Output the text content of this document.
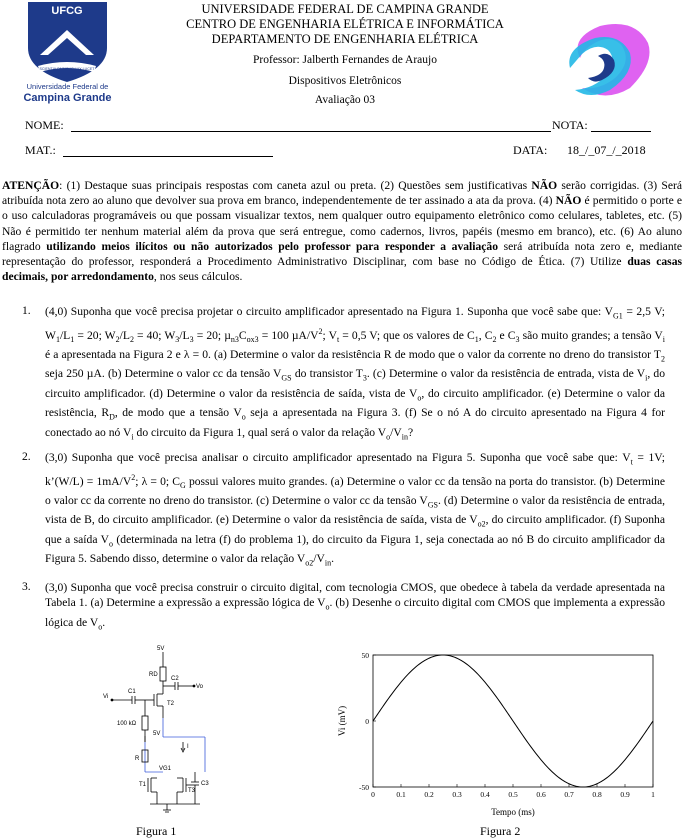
UFCG
SCIENTIA OMNIBUS LUX LUCET
Universidade Federal de
Campina Grande
UNIVERSIDADE FEDERAL DE CAMPINA GRANDE
CENTRO DE ENGENHARIA ELÉTRICA E INFORMÁTICA
DEPARTAMENTO DE ENGENHARIA ELÉTRICA
Professor: Jalberth Fernandes de Araujo
Dispositivos Eletrônicos
Avaliação 03
NOME:	NOTA:
MAT.:	DATA: 18_/_07_/_2018
ATENÇÃO: (1) Destaque suas principais respostas com caneta azul ou preta. (2) Questões sem justificativas NÃO serão corrigidas. (3) Será atribuída nota zero ao aluno que devolver sua prova em branco, independentemente de ter assinado a ata da prova. (4) NÃO é permitido o porte e o uso calculadoras programáveis ou que possam visualizar textos, nem qualquer outro equipamento eletrônico como celulares, tabletes, etc. (5) Não é permitido ter nenhum material além da prova que será entregue, como cadernos, livros, papéis (mesmo em branco), etc. (6) Ao aluno flagrado utilizando meios ilícitos ou não autorizados pelo professor para responder a avaliação será atribuída nota zero e, mediante representação do professor, responderá a Procedimento Administrativo Disciplinar, com base no Código de Ética. (7) Utilize duas casas decimais, por arredondamento, nos seus cálculos.
1. (4,0) Suponha que você precisa projetar o circuito amplificador apresentado na Figura 1. Suponha que você sabe que: $V_{G1} = 2,5$ V; $W_1/L_1 = 20$; $W_2/L_2 = 40$; $W_3/L_3 = 20$; $\mu_{n3}C_{ox3} = 100$ $\mu A/V^2$; $V_t = 0,5$ V; que os valores de $C_1$, $C_2$ e $C_3$ são muito grandes; a tensão $V_i$ é a apresentada na Figura 2 e λ = 0. (a) Determine o valor da resistência R de modo que o valor da corrente no dreno do transistor $T_2$ seja 250 µA. (b) Determine o valor cc da tensão $V_{GS}$ do transistor $T_3$. (c) Determine o valor da resistência de entrada, vista de $V_i$, do circuito amplificador. (d) Determine o valor da resistência de saída, vista de $V_o$, do circuito amplificador. (e) Determine o valor da resistência, $R_D$, de modo que a tensão $V_o$ seja a apresentada na Figura 3. (f) Se o nó A do circuito apresentado na Figura 4 for conectado ao nó $V_i$ do circuito da Figura 1, qual será o valor da relação $V_o/V_{in}$?
2. (3,0) Suponha que você precisa analisar o circuito amplificador apresentado na Figura 5. Suponha que você sabe que: $V_t = 1V$; k’(W/L) = $1mA/V^2$; λ = 0; $C_G$ possui valores muito grandes. (a) Determine o valor cc da tensão na porta do transistor. (b) Determine o valor cc da corrente no dreno do transistor. (c) Determine o valor cc da tensão $V_{GS}$. (d) Determine o valor da resistência de entrada, vista de B, do circuito amplificador. (e) Determine o valor da resistência de saída, vista de $V_{o2}$, do circuito amplificador. (f) Suponha que a saída $V_o$ (determinada na letra (f) do problema 1), do circuito da Figura 1, seja conectada ao nó B do circuito amplificador da Figura 5. Sabendo disso, determine o valor da relação $V_{o2}/V_{in}$.
3. (3,0) Suponha que você precisa construir o circuito digital, com tecnologia CMOS, que obedece à tabela da verdade apresentada na Tabela 1. (a) Determine a expressão a expressão lógica de $V_o$. (b) Desenhe o circuito digital com CMOS que implementa a expressão lógica de $V_o$.
5V
RD
C2
Vo
C1
Vi
100 kΩ
T2
5V
I
R
VG1
T1
T3
C3
Figura 1
0	0.1 0.2 0.3 0.4 0.5 0.6 0.7 0.8 0.9	1
50
0
-50
Tempo (ms)
Vi (mV)
Figura 2
